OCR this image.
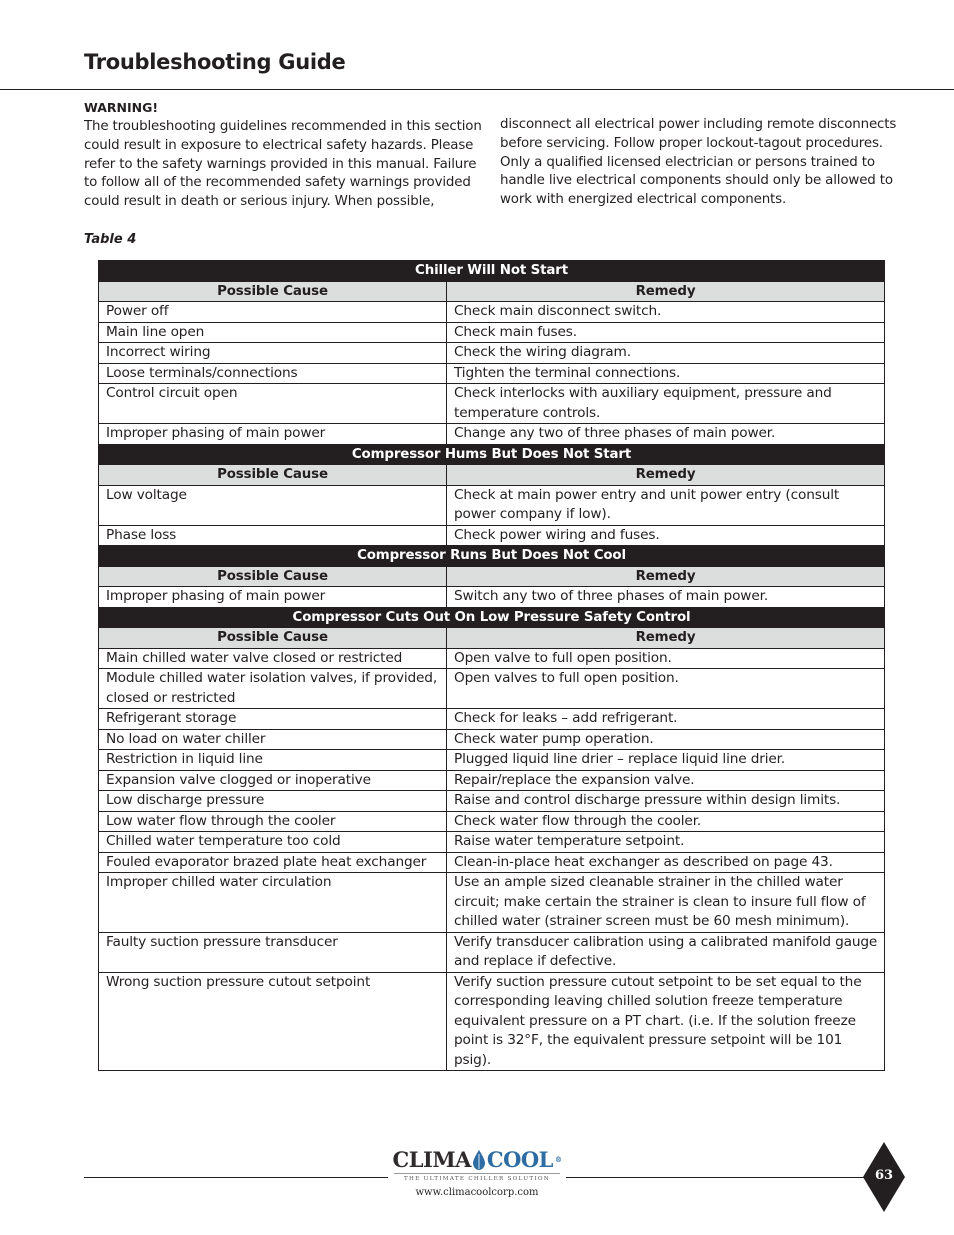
Troubleshooting Guide
WARNING!
The troubleshooting guidelines recommended in this section could result in exposure to electrical safety hazards. Please refer to the safety warnings provided in this manual. Failure to follow all of the recommended safety warnings provided could result in death or serious injury. When possible,
disconnect all electrical power including remote disconnects before servicing. Follow proper lockout-tagout procedures. Only a qualified licensed electrician or persons trained to handle live electrical components should only be allowed to work with energized electrical components.
Table 4
Chiller Will Not Start	
Possible Cause	Remedy
Power off	Check main disconnect switch.
Main line open	Check main fuses.
Incorrect wiring	Check the wiring diagram.
Loose terminals/connections	Tighten the terminal connections.
Control circuit open	Check interlocks with auxiliary equipment, pressure and temperature controls.
Improper phasing of main power	Change any two of three phases of main power.
Compressor Hums But Does Not Start	
Possible Cause	Remedy
Low voltage	Check at main power entry and unit power entry (consult power company if low).
Phase loss	Check power wiring and fuses.
Compressor Runs But Does Not Cool	
Possible Cause	Remedy
Improper phasing of main power	Switch any two of three phases of main power.
Compressor Cuts Out On Low Pressure Safety Control	
Possible Cause	Remedy
Main chilled water valve closed or restricted	Open valve to full open position.
Module chilled water isolation valves, if provided, closed or restricted	Open valves to full open position.
Refrigerant storage	Check for leaks – add refrigerant.
No load on water chiller	Check water pump operation.
Restriction in liquid line	Plugged liquid line drier – replace liquid line drier.
Expansion valve clogged or inoperative	Repair/replace the expansion valve.
Low discharge pressure	Raise and control discharge pressure within design limits.
Low water flow through the cooler	Check water flow through the cooler.
Chilled water temperature too cold	Raise water temperature setpoint.
Fouled evaporator brazed plate heat exchanger	Clean-in-place heat exchanger as described on page 43.
Improper chilled water circulation	Use an ample sized cleanable strainer in the chilled water circuit; make certain the strainer is clean to insure full flow of chilled water (strainer screen must be 60 mesh minimum).
Faulty suction pressure transducer	Verify transducer calibration using a calibrated manifold gauge and replace if defective.
Wrong suction pressure cutout setpoint	Verify suction pressure cutout setpoint to be set equal to the corresponding leaving chilled solution freeze temperature equivalent pressure on a PT chart. (i.e. If the solution freeze point is 32°F, the equivalent pressure setpoint will be 101 psig).
CLIMA COOL ®
THE ULTIMATE CHILLER SOLUTION
www.climacoolcorp.com
63
